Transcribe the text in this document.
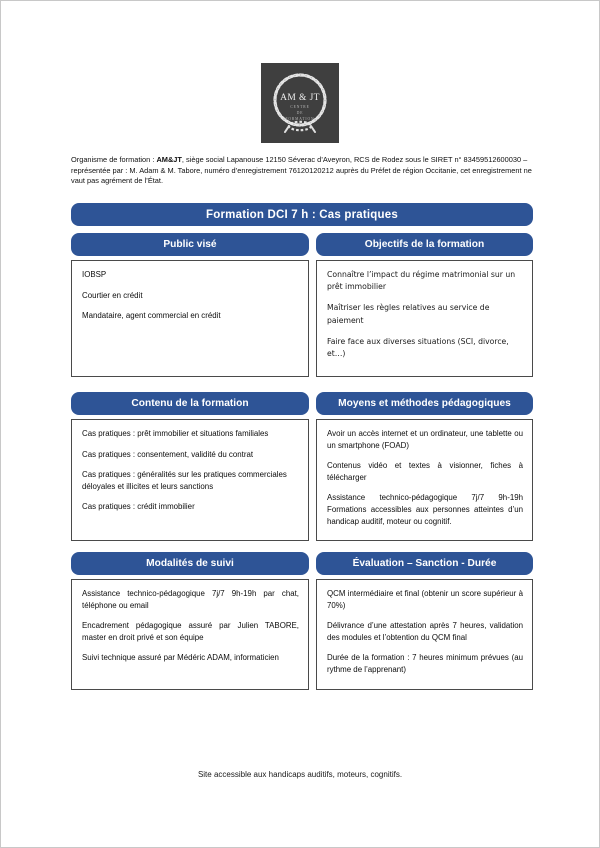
AM & JT
CENTRE
DE
FORMATION
Organisme de formation : AM&JT, siège social Lapanouse 12150 Séverac d’Aveyron, RCS de Rodez sous le SIRET n° 83459512600030 – représentée par : M. Adam & M. Tabore, numéro d’enregistrement 76120120212 auprès du Préfet de région Occitanie, cet enregistrement ne vaut pas agrément de l’État.
Formation DCI 7 h : Cas pratiques
Public visé	Objectifs de la formation

IOBSP

Courtier en crédit

Mandataire, agent commercial en crédit

Connaître l’impact du régime matrimonial sur un prêt immobilier

Maîtriser les règles relatives au service de paiement

Faire face aux diverses situations (SCI, divorce, et…)

Contenu de la formation	Moyens et méthodes pédagogiques

Cas pratiques : prêt immobilier et situations familiales

Cas pratiques : consentement, validité du contrat

Cas pratiques : généralités sur les pratiques commerciales déloyales et illicites et leurs sanctions

Cas pratiques : crédit immobilier

Avoir un accès internet et un ordinateur, une tablette ou un smartphone (FOAD)

Contenus vidéo et textes à visionner, fiches à télécharger

Assistance technico-pédagogique 7j/7 9h-19h Formations accessibles aux personnes atteintes d’un handicap auditif, moteur ou cognitif.

Modalités de suivi	Évaluation – Sanction - Durée

Assistance technico-pédagogique 7j/7 9h-19h par chat, téléphone ou email

Encadrement pédagogique assuré par Julien TABORE, master en droit privé et son équipe

Suivi technique assuré par Médéric ADAM, informaticien

QCM intermédiaire et final (obtenir un score supérieur à 70%)

Délivrance d’une attestation après 7 heures, validation des modules et l’obtention du QCM final

Durée de la formation : 7 heures minimum prévues (au rythme de l’apprenant)

Site accessible aux handicaps auditifs, moteurs, cognitifs.
